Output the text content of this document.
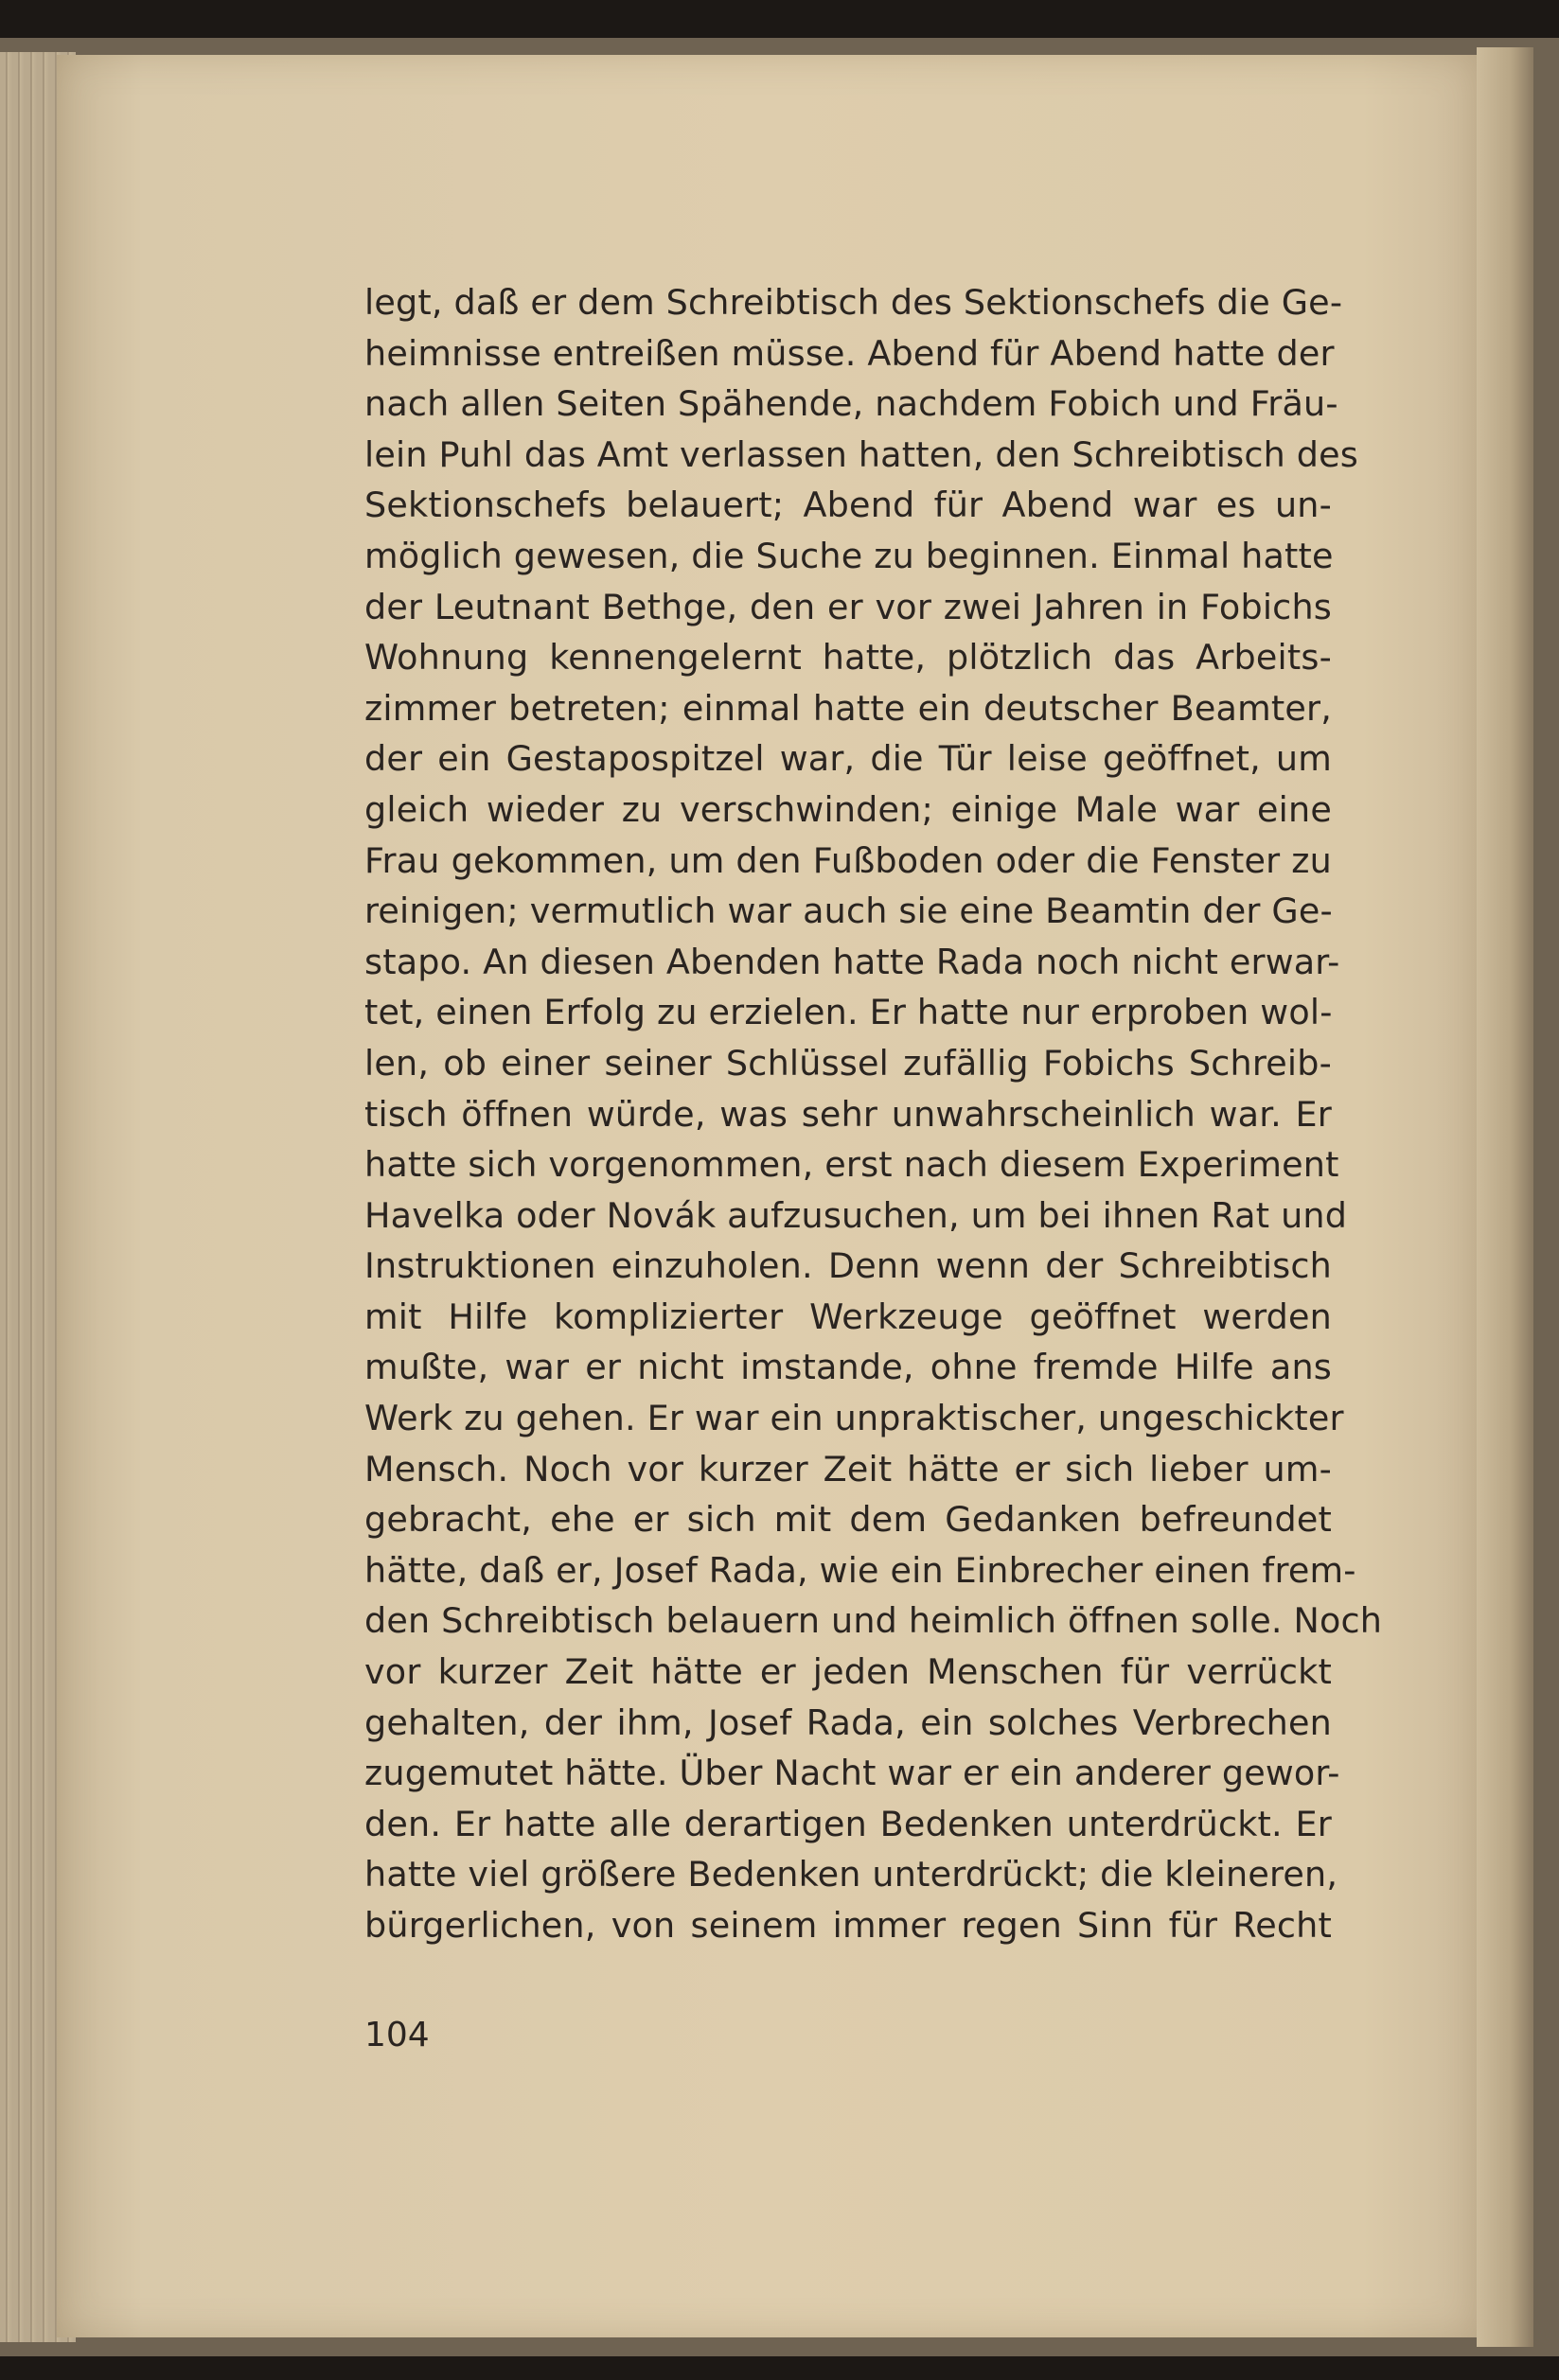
legt, daß er dem Schreibtisch des Sektionschefs die Ge-
heimnisse entreißen müsse. Abend für Abend hatte der
nach allen Seiten Spähende, nachdem Fobich und Fräu-
lein Puhl das Amt verlassen hatten, den Schreibtisch des
Sektionschefs belauert; Abend für Abend war es un-
möglich gewesen, die Suche zu beginnen. Einmal hatte
der Leutnant Bethge, den er vor zwei Jahren in Fobichs
Wohnung kennengelernt hatte, plötzlich das Arbeits-
zimmer betreten; einmal hatte ein deutscher Beamter,
der ein Gestapospitzel war, die Tür leise geöffnet, um
gleich wieder zu verschwinden; einige Male war eine
Frau gekommen, um den Fußboden oder die Fenster zu
reinigen; vermutlich war auch sie eine Beamtin der Ge-
stapo. An diesen Abenden hatte Rada noch nicht erwar-
tet, einen Erfolg zu erzielen. Er hatte nur erproben wol-
len, ob einer seiner Schlüssel zufällig Fobichs Schreib-
tisch öffnen würde, was sehr unwahrscheinlich war. Er
hatte sich vorgenommen, erst nach diesem Experiment
Havelka oder Novák aufzusuchen, um bei ihnen Rat und
Instruktionen einzuholen. Denn wenn der Schreibtisch
mit Hilfe komplizierter Werkzeuge geöffnet werden
mußte, war er nicht imstande, ohne fremde Hilfe ans
Werk zu gehen. Er war ein unpraktischer, ungeschickter
Mensch. Noch vor kurzer Zeit hätte er sich lieber um-
gebracht, ehe er sich mit dem Gedanken befreundet
hätte, daß er, Josef Rada, wie ein Einbrecher einen frem-
den Schreibtisch belauern und heimlich öffnen solle. Noch
vor kurzer Zeit hätte er jeden Menschen für verrückt
gehalten, der ihm, Josef Rada, ein solches Verbrechen
zugemutet hätte. Über Nacht war er ein anderer gewor-
den. Er hatte alle derartigen Bedenken unterdrückt. Er
hatte viel größere Bedenken unterdrückt; die kleineren,
bürgerlichen, von seinem immer regen Sinn für Recht
104
